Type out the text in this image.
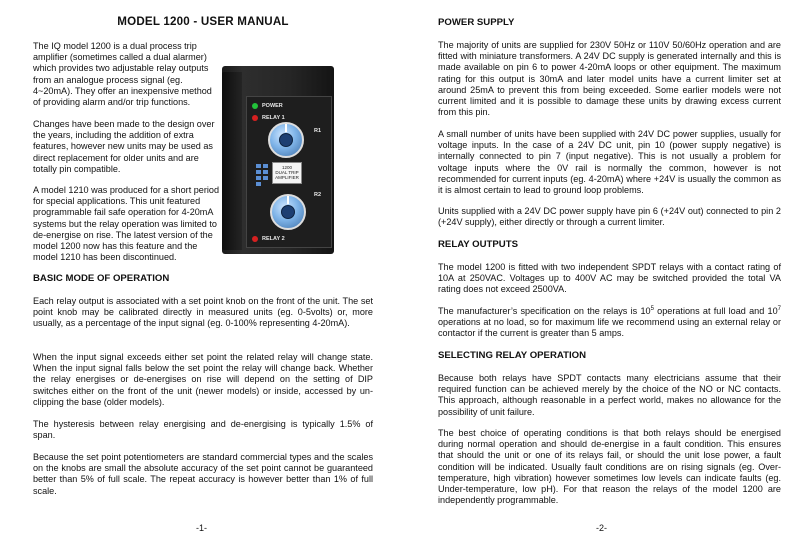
MODEL 1200 - USER MANUAL

The IQ model 1200 is a dual process trip

amplifier (sometimes called a dual alarmer)

which provides two adjustable relay outputs

from an analogue process signal (eg.

4~20mA). They offer an inexpensive method

of providing alarm and/or trip functions.

Changes have been made to the design over

the years, including the addition of extra

features, however new units may be used as

direct replacement for older units and are

totally pin compatible.

A model 1210 was produced for a short period

for special applications. This unit featured

programmable fail safe operation for 4-20mA

systems but the relay operation was limited to

de-energise on rise. The latest version of the

model 1200 now has this feature and the

model 1210 has been discontinued.

POWER
RELAY 1
R1
1200
DUAL TRIP
AMPLIFIER
R2
RELAY 2
BASIC MODE OF OPERATION

Each relay output is associated with a set point knob on the front of the unit. The set point knob may be calibrated directly in measured units (eg. 0-5volts) or, more usually, as a percentage of the input signal (eg. 0-100% representing 4-20mA).

When the input signal exceeds either set point the related relay will change state. When the input signal falls below the set point the relay will change back. Whether the relay energises or de-energises on rise will depend on the setting of DIP switches either on the front of the unit (newer models) or inside, accessed by un-clipping the base (older models).

The hysteresis between relay energising and de-energising is typically 1.5% of span.

Because the set point potentiometers are standard commercial types and the scales on the knobs are small the absolute accuracy of the set point cannot be guaranteed better than 5% of full scale. The repeat accuracy is however better than 1% of full scale.

-1-
POWER SUPPLY

The majority of units are supplied for 230V 50Hz or 110V 50/60Hz operation and are fitted with miniature transformers. A 24V DC supply is generated internally and this is made available on pin 6 to power 4-20mA loops or other equipment. The maximum rating for this output is 30mA and later model units have a current limiter set at around 25mA to prevent this from being exceeded. Some earlier models were not current limited and it is possible to damage these units by drawing excess current from this pin.

A small number of units have been supplied with 24V DC power supplies, usually for voltage inputs. In the case of a 24V DC unit, pin 10 (power supply negative) is internally connected to pin 7 (input negative). This is not usually a problem for voltage inputs where the 0V rail is normally the common, however is not recommended for current inputs (eg. 4-20mA) where +24V is usually the common as it is almost certain to lead to ground loop problems.

Units supplied with a 24V DC power supply have pin 6 (+24V out) connected to pin 2 (+24V supply), either directly or through a current limiter.

RELAY OUTPUTS

The model 1200 is fitted with two independent SPDT relays with a contact rating of 10A at 250VAC. Voltages up to 400V AC may be switched provided the total VA rating does not exceed 2500VA.

The manufacturer’s specification on the relays is $10^5$ operations at full load and $10^7$ operations at no load, so for maximum life we recommend using an external relay or contactor if the current is greater than 5 amps.

SELECTING RELAY OPERATION

Because both relays have SPDT contacts many electricians assume that their required function can be achieved merely by the choice of the NO or NC contacts. This approach, although reasonable in a perfect world, makes no allowance for the possibility of unit failure.

The best choice of operating conditions is that both relays should be energised during normal operation and should de-energise in a fault condition. This ensures that should the unit or one of its relays fail, or should the unit lose power, a fault condition will be indicated. Usually fault conditions are on rising signals (eg. Over-temperature, high vibration) however sometimes low levels can indicate faults (eg. Under-temperature, low pH). For that reason the relays of the model 1200 are independently programmable.

-2-
